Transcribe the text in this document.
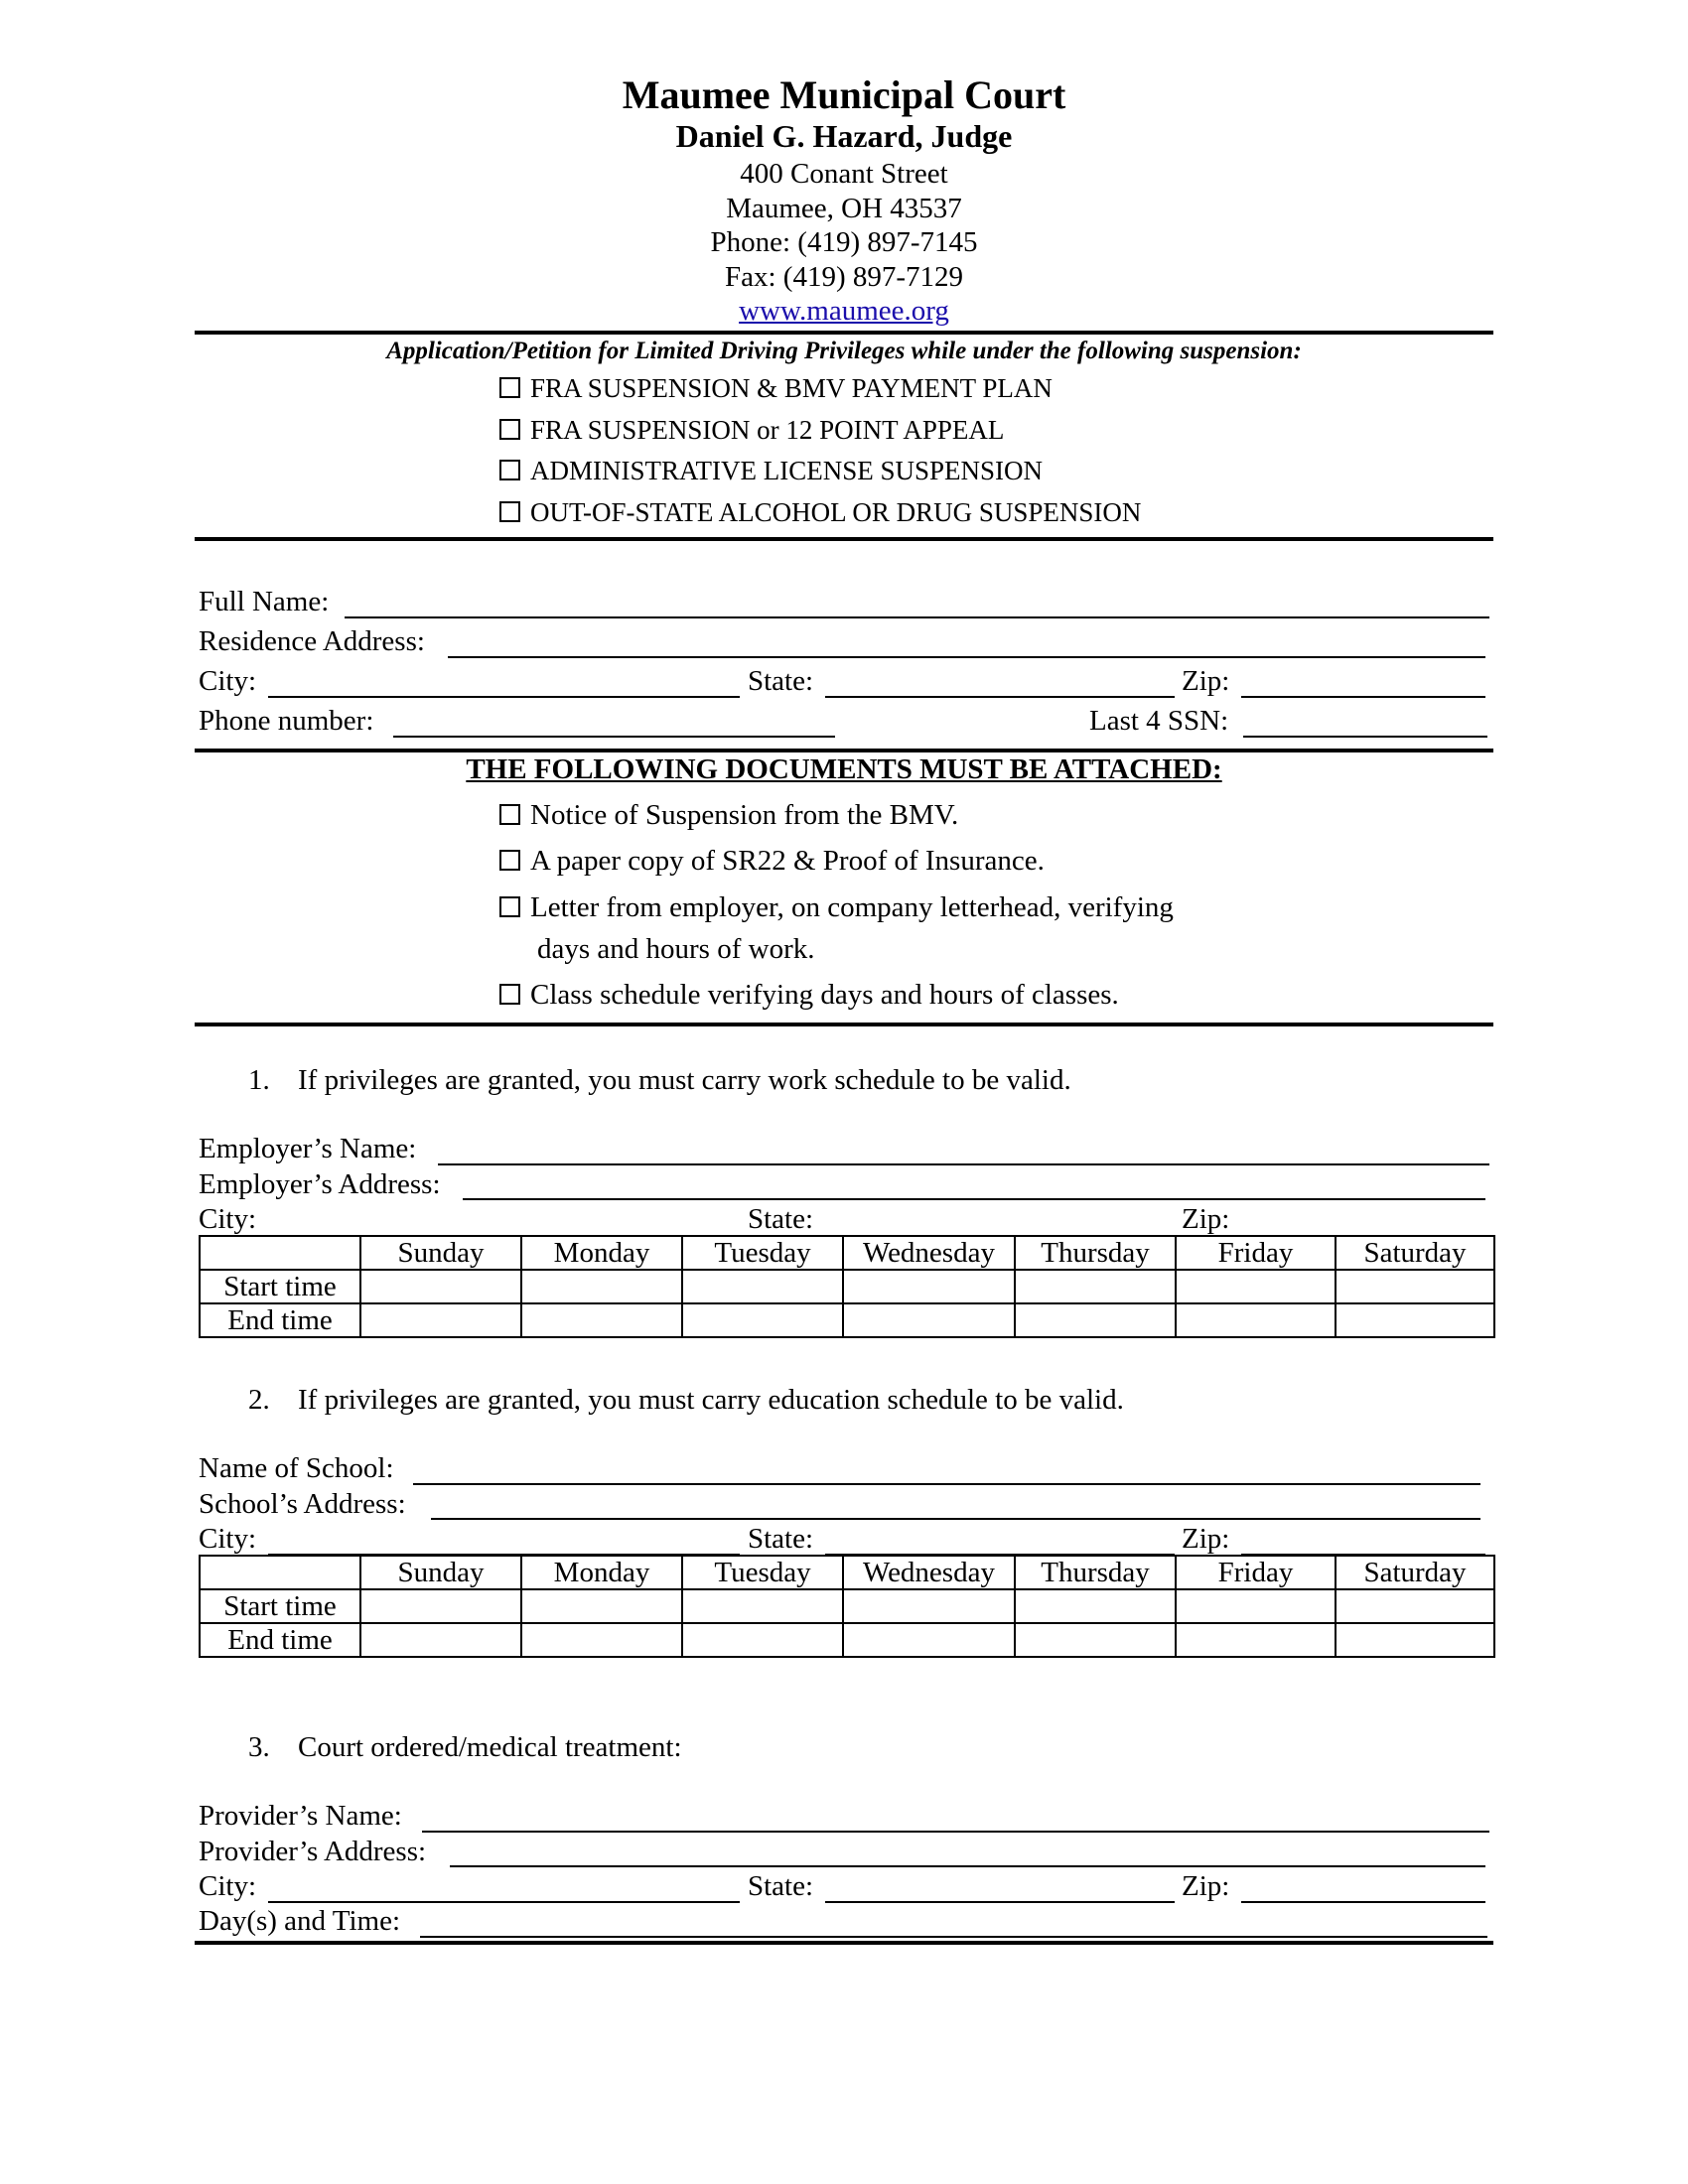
Maumee Municipal Court
Daniel G. Hazard, Judge
400 Conant Street
Maumee, OH 43537
Phone: (419) 897-7145
Fax: (419) 897-7129
www.maumee.org
Application/Petition for Limited Driving Privileges while under the following suspension:
FRA SUSPENSION & BMV PAYMENT PLAN
FRA SUSPENSION or 12 POINT APPEAL
ADMINISTRATIVE LICENSE SUSPENSION
OUT-OF-STATE ALCOHOL OR DRUG SUSPENSION
Full Name:
Residence Address:
City:	State:	Zip:
Phone number:	Last 4 SSN:
THE FOLLOWING DOCUMENTS MUST BE ATTACHED:
Notice of Suspension from the BMV.
A paper copy of SR22 & Proof of Insurance.
Letter from employer, on company letterhead, verifying
days and hours of work.
Class schedule verifying days and hours of classes.
1. If privileges are granted, you must carry work schedule to be valid.
Employer’s Name:
Employer’s Address:
City:	State:	Zip:
	Sunday	Monday	Tuesday	Wednesday	Thursday	Friday	Saturday
Start time							
End time							
2. If privileges are granted, you must carry education schedule to be valid.
Name of School:
School’s Address:
City:	State:	Zip:
	Sunday	Monday	Tuesday	Wednesday	Thursday	Friday	Saturday
Start time							
End time							
3. Court ordered/medical treatment:
Provider’s Name:
Provider’s Address:
City:	State:	Zip:
Day(s) and Time:
